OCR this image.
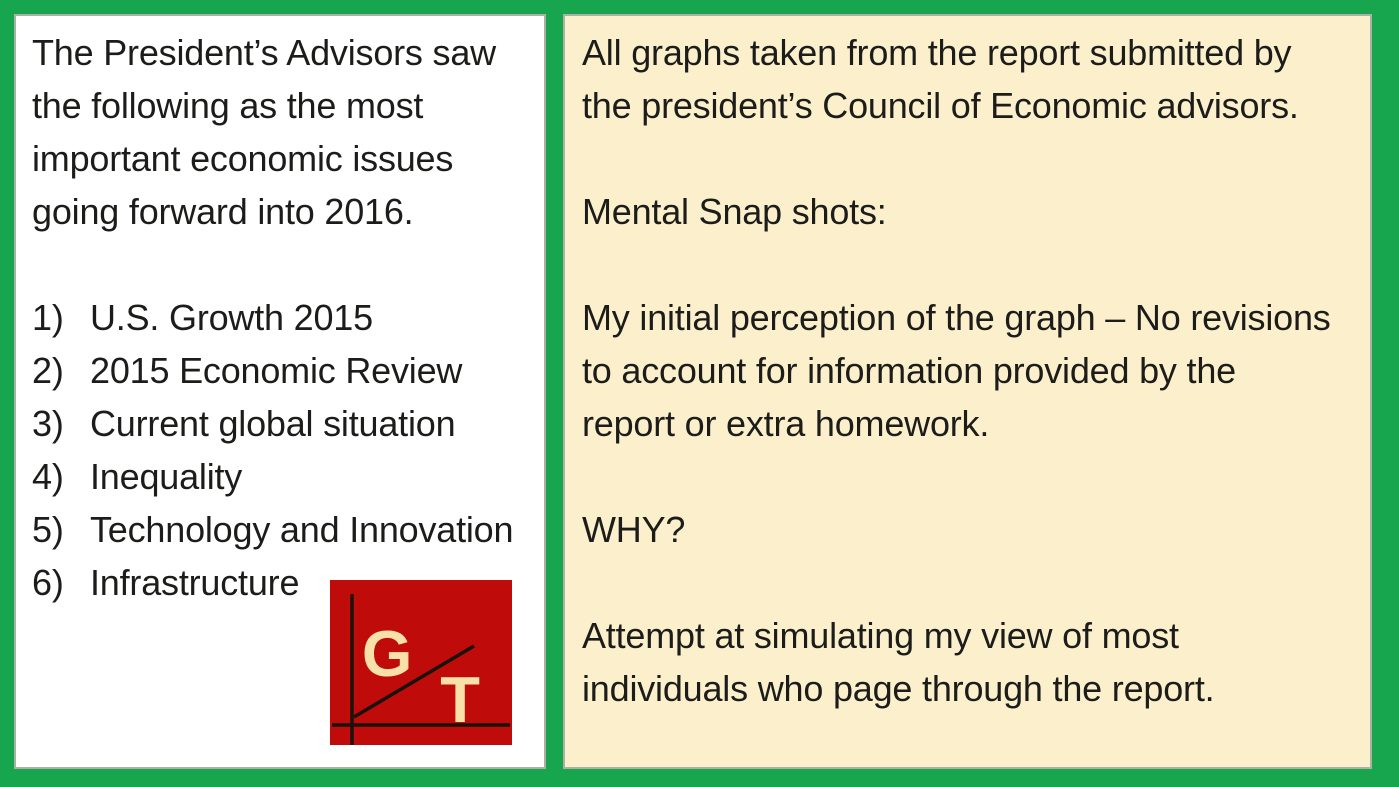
The President’s Advisors saw
the following as the most
important economic issues
going forward into 2016.
1) U.S. Growth 2015
2) 2015 Economic Review
3) Current global situation
4) Inequality
5) Technology and Innovation
6) Infrastructure
G
T
All graphs taken from the report submitted by
the president’s Council of Economic advisors.
Mental Snap shots:
My initial perception of the graph – No revisions
to account for information provided by the
report or extra homework.
WHY?
Attempt at simulating my view of most
individuals who page through the report.
